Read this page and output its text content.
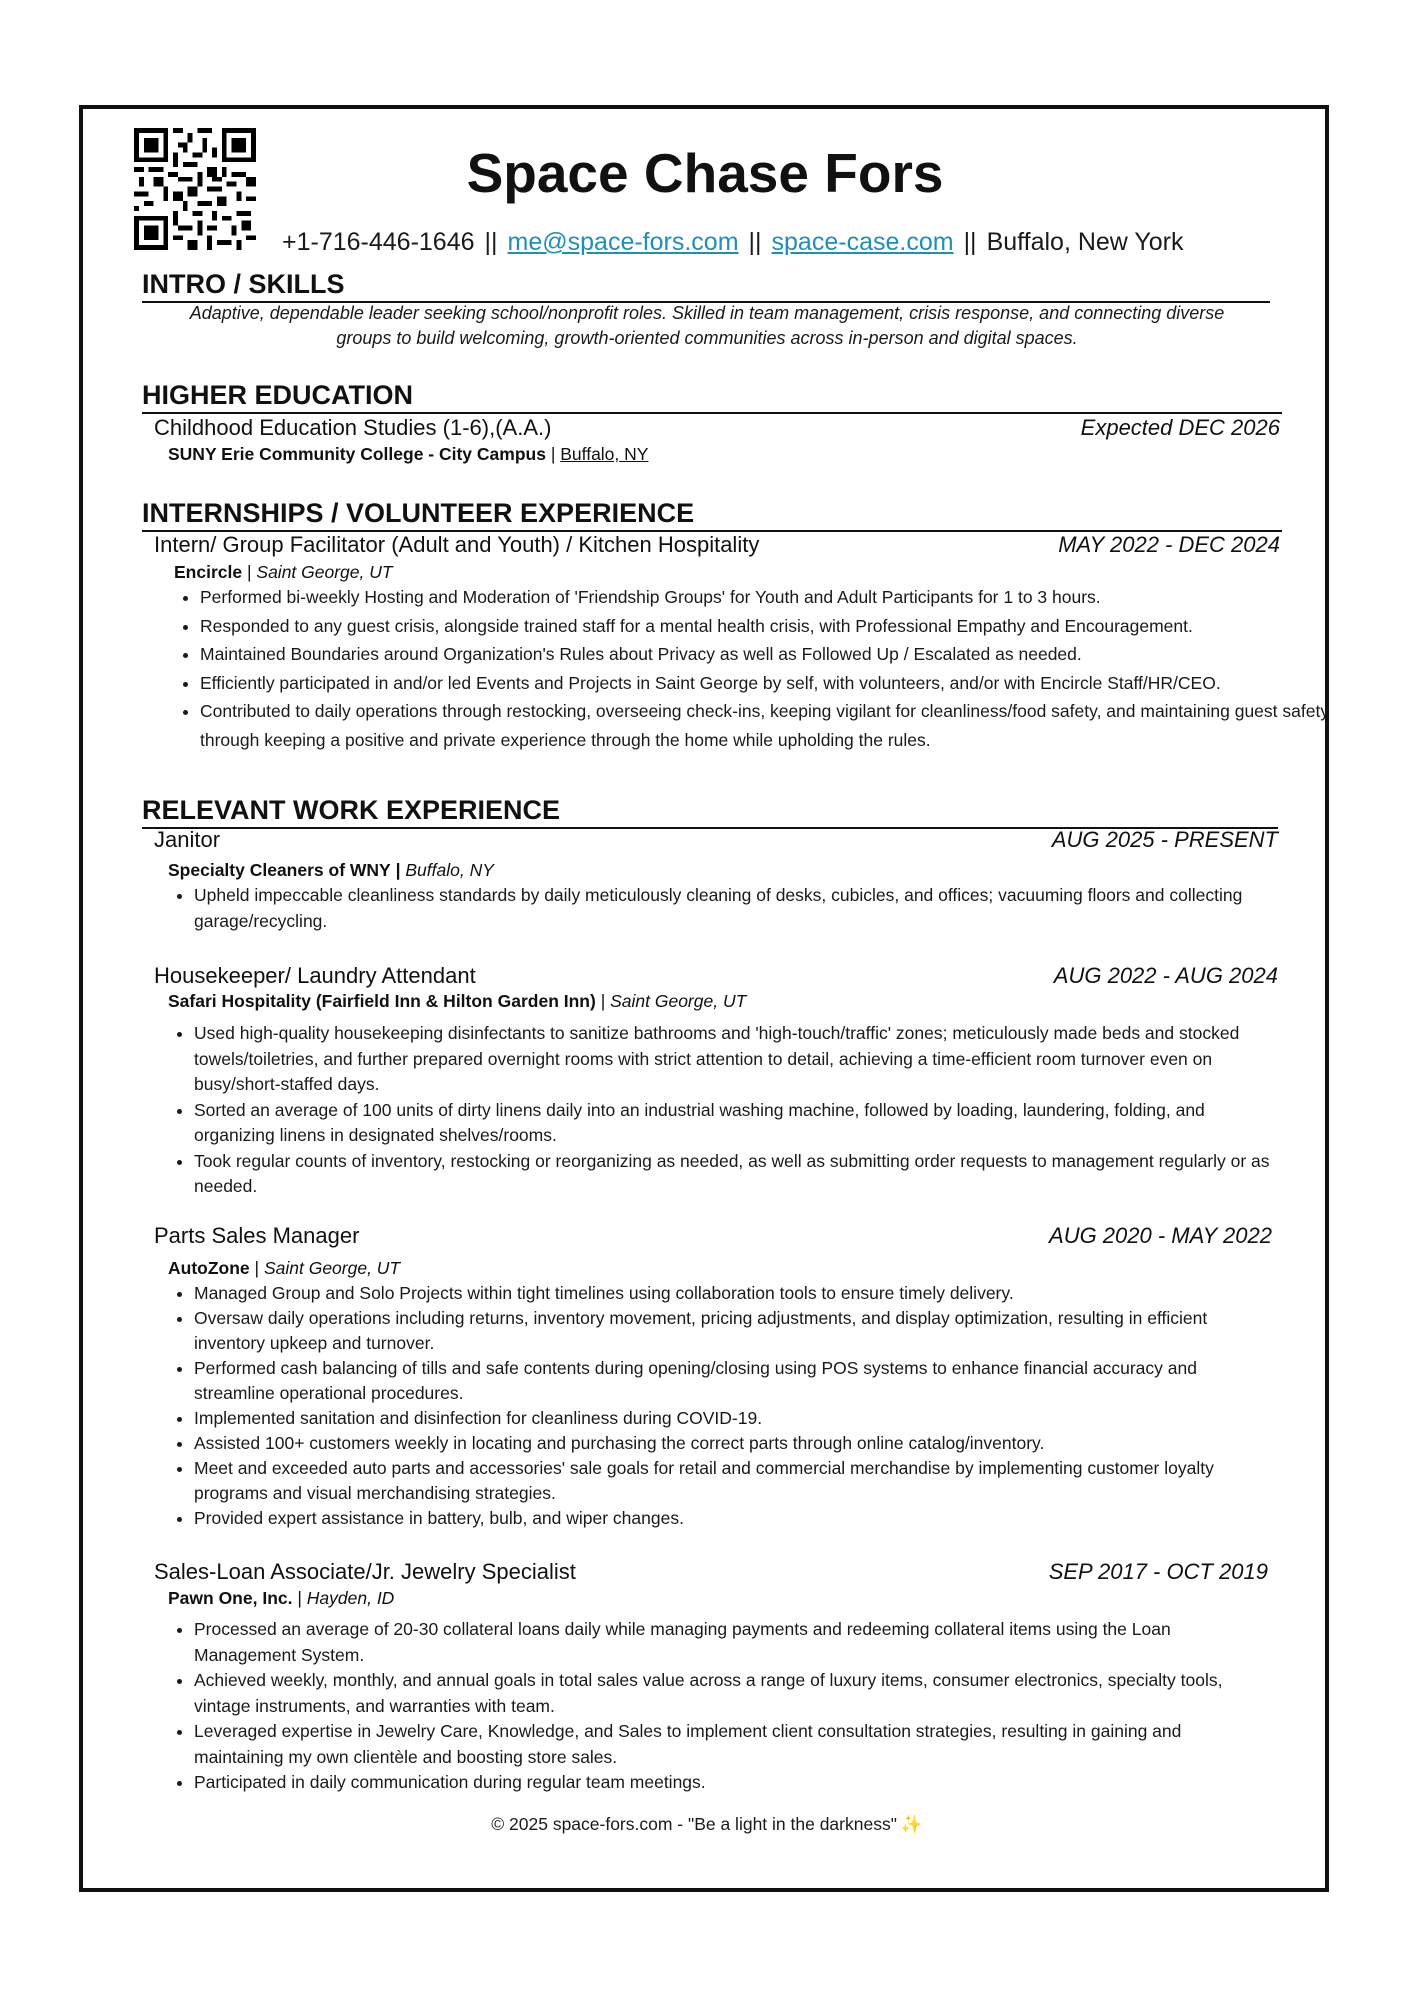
Space Chase Fors
+1-716-446-1646 || me@space-fors.com || space-case.com || Buffalo, New York
INTRO / SKILLS
Adaptive, dependable leader seeking school/nonprofit roles. Skilled in team management, crisis response, and connecting diverse groups to build welcoming, growth-oriented communities across in-person and digital spaces.
HIGHER EDUCATION
Childhood Education Studies (1-6),(A.A.)	Expected DEC 2026
SUNY Erie Community College - City Campus | Buffalo, NY
INTERNSHIPS / VOLUNTEER EXPERIENCE
Intern/ Group Facilitator (Adult and Youth) / Kitchen Hospitality	MAY 2022 - DEC 2024
Encircle | Saint George, UT
• Performed bi-weekly Hosting and Moderation of 'Friendship Groups' for Youth and Adult Participants for 1 to 3 hours.
• Responded to any guest crisis, alongside trained staff for a mental health crisis, with Professional Empathy and Encouragement.
• Maintained Boundaries around Organization's Rules about Privacy as well as Followed Up / Escalated as needed.
• Efficiently participated in and/or led Events and Projects in Saint George by self, with volunteers, and/or with Encircle Staff/HR/CEO.
• Contributed to daily operations through restocking, overseeing check-ins, keeping vigilant for cleanliness/food safety, and maintaining guest safety through keeping a positive and private experience through the home while upholding the rules.
RELEVANT WORK EXPERIENCE
Janitor	AUG 2025 - PRESENT
Specialty Cleaners of WNY | Buffalo, NY
• Upheld impeccable cleanliness standards by daily meticulously cleaning of desks, cubicles, and offices; vacuuming floors and collecting garage/recycling.
Housekeeper/ Laundry Attendant	AUG 2022 - AUG 2024
Safari Hospitality (Fairfield Inn & Hilton Garden Inn) | Saint George, UT
• Used high-quality housekeeping disinfectants to sanitize bathrooms and 'high-touch/traffic' zones; meticulously made beds and stocked towels/toiletries, and further prepared overnight rooms with strict attention to detail, achieving a time-efficient room turnover even on busy/short-staffed days.
• Sorted an average of 100 units of dirty linens daily into an industrial washing machine, followed by loading, laundering, folding, and organizing linens in designated shelves/rooms.
• Took regular counts of inventory, restocking or reorganizing as needed, as well as submitting order requests to management regularly or as needed.
Parts Sales Manager	AUG 2020 - MAY 2022
AutoZone | Saint George, UT
• Managed Group and Solo Projects within tight timelines using collaboration tools to ensure timely delivery.
• Oversaw daily operations including returns, inventory movement, pricing adjustments, and display optimization, resulting in efficient inventory upkeep and turnover.
• Performed cash balancing of tills and safe contents during opening/closing using POS systems to enhance financial accuracy and streamline operational procedures.
• Implemented sanitation and disinfection for cleanliness during COVID-19.
• Assisted 100+ customers weekly in locating and purchasing the correct parts through online catalog/inventory.
• Meet and exceeded auto parts and accessories' sale goals for retail and commercial merchandise by implementing customer loyalty programs and visual merchandising strategies.
• Provided expert assistance in battery, bulb, and wiper changes.
Sales-Loan Associate/Jr. Jewelry Specialist	SEP 2017 - OCT 2019
Pawn One, Inc. | Hayden, ID
• Processed an average of 20-30 collateral loans daily while managing payments and redeeming collateral items using the Loan Management System.
• Achieved weekly, monthly, and annual goals in total sales value across a range of luxury items, consumer electronics, specialty tools, vintage instruments, and warranties with team.
• Leveraged expertise in Jewelry Care, Knowledge, and Sales to implement client consultation strategies, resulting in gaining and maintaining my own clientèle and boosting store sales.
• Participated in daily communication during regular team meetings.
© 2025 space-fors.com - "Be a light in the darkness" ✨
